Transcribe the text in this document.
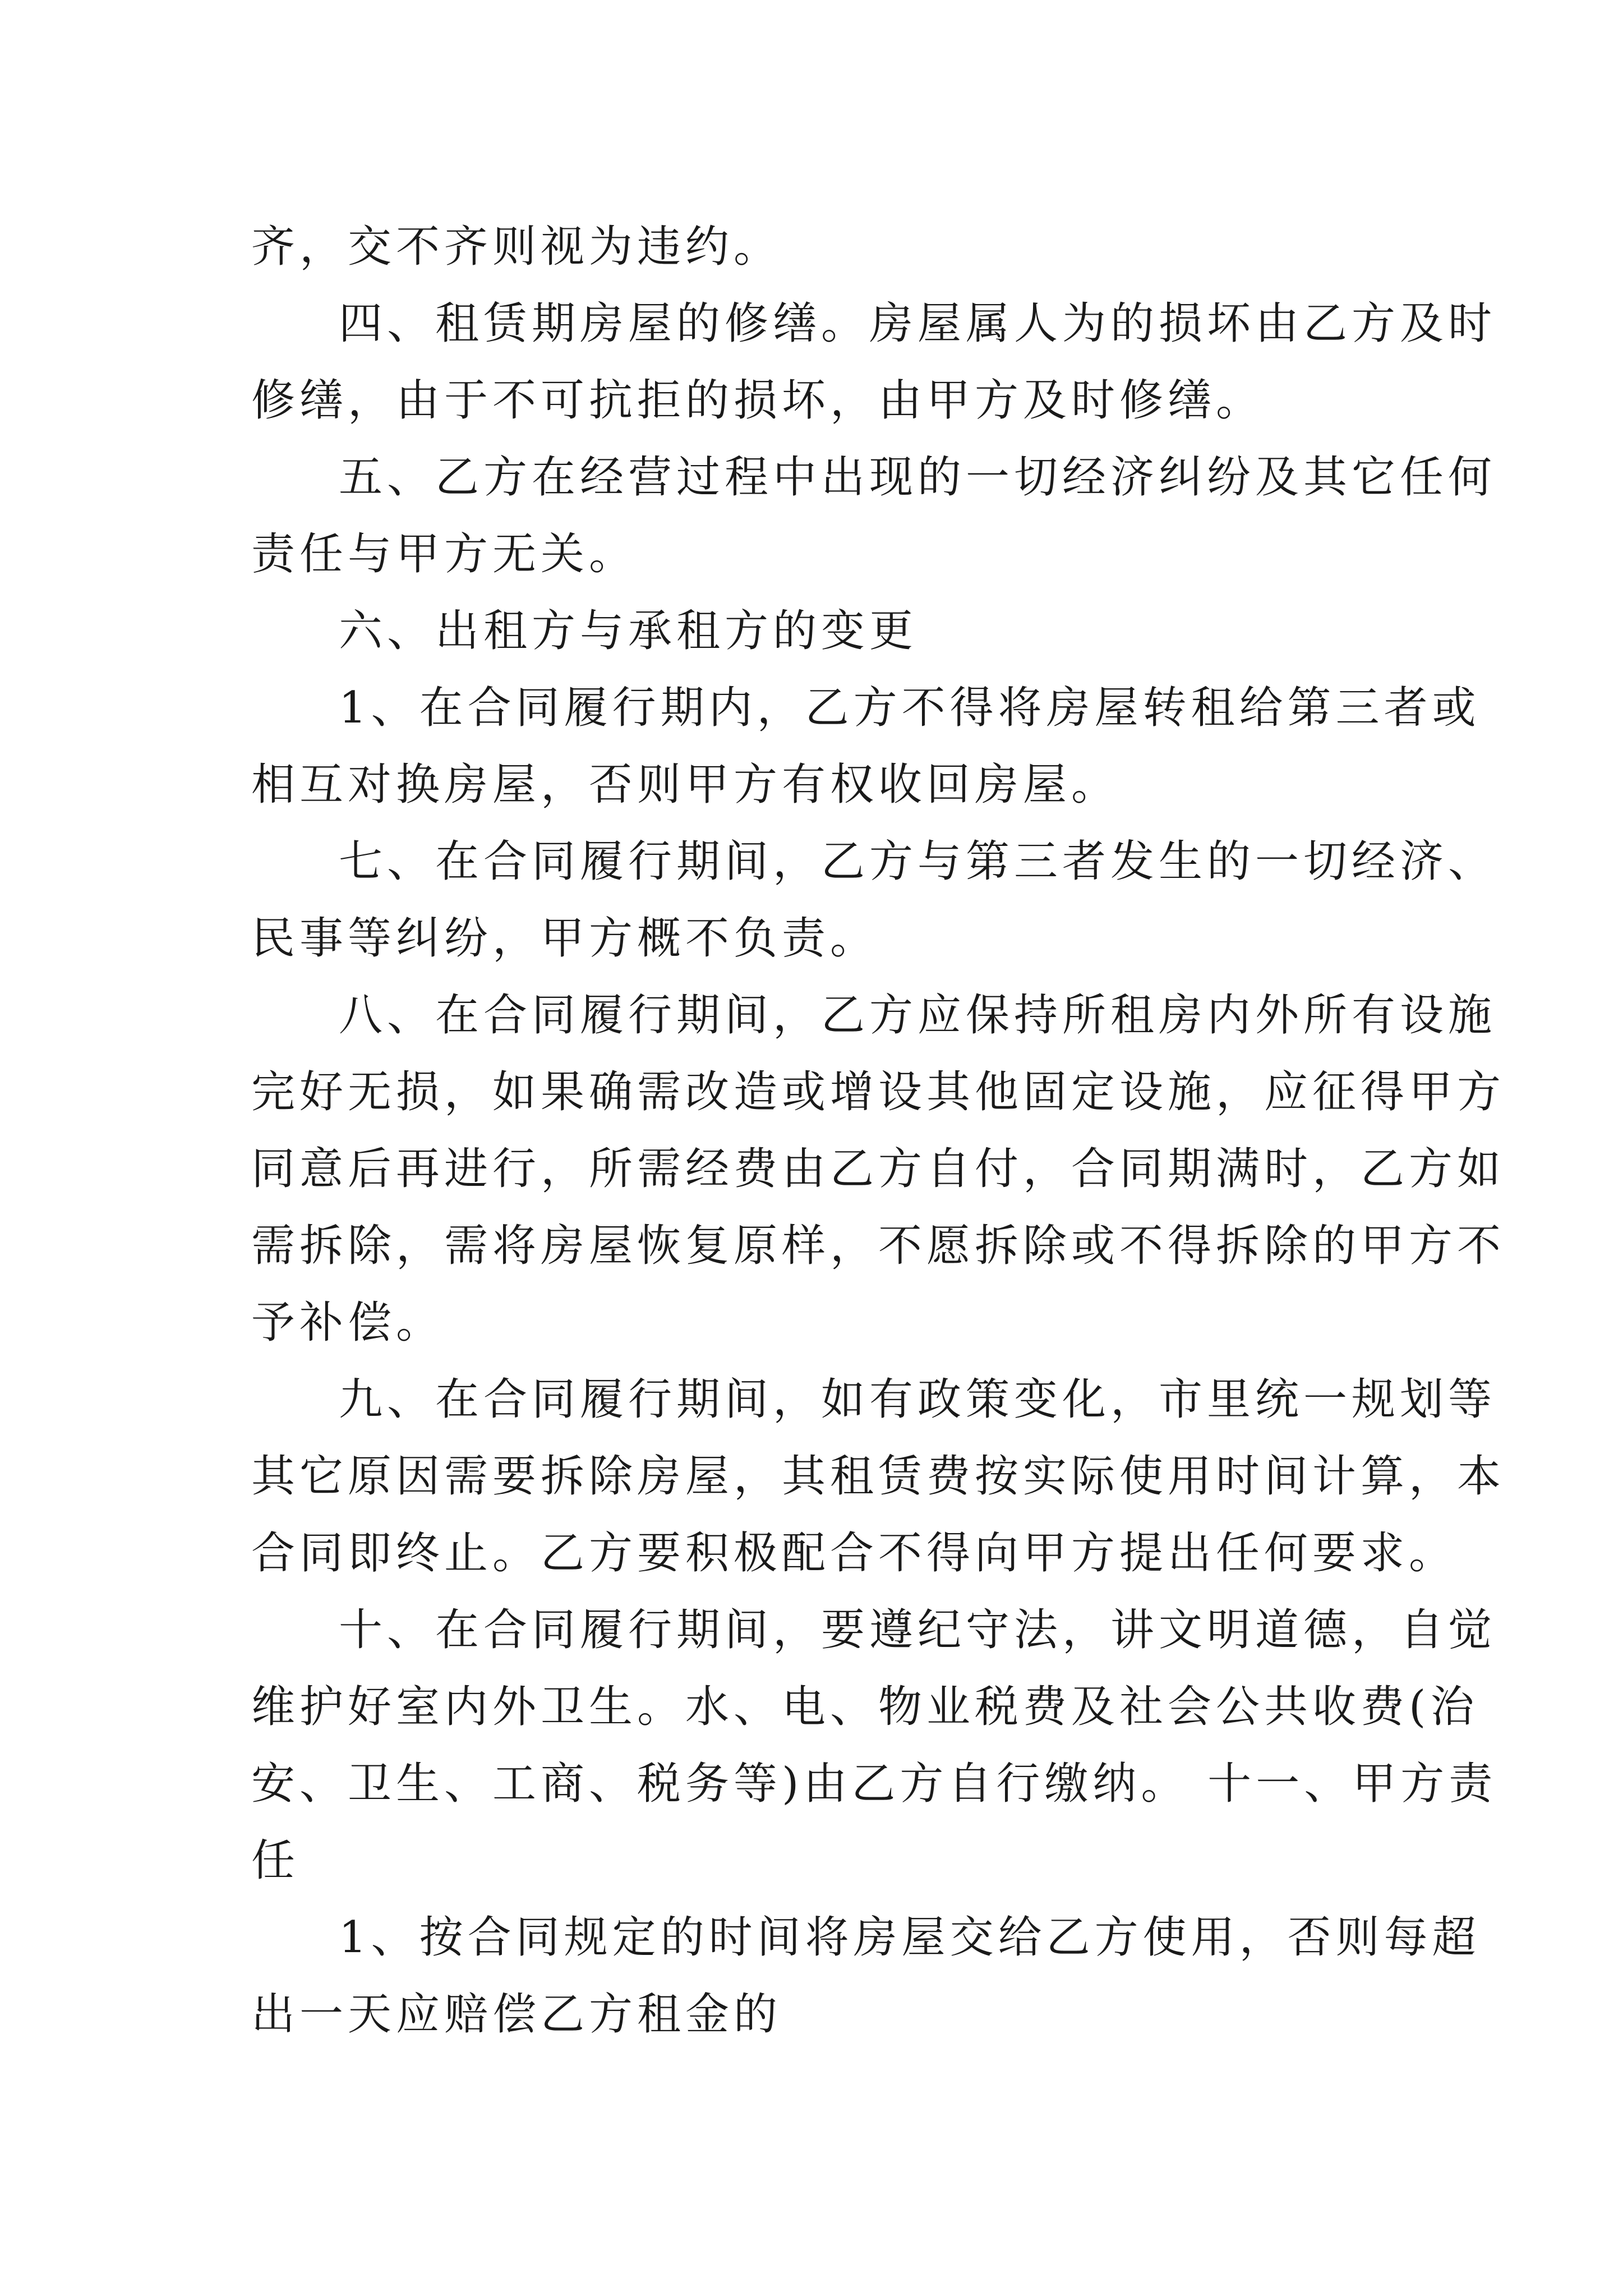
齐，交不齐则视为违约。
四、租赁期房屋的修缮。房屋属人为的损坏由乙方及时
修缮，由于不可抗拒的损坏，由甲方及时修缮。
五、乙方在经营过程中出现的一切经济纠纷及其它任何
责任与甲方无关。
六、出租方与承租方的变更
1、在合同履行期内，乙方不得将房屋转租给第三者或
相互对换房屋，否则甲方有权收回房屋。
七、在合同履行期间，乙方与第三者发生的一切经济、
民事等纠纷，甲方概不负责。
八、在合同履行期间，乙方应保持所租房内外所有设施
完好无损，如果确需改造或增设其他固定设施，应征得甲方
同意后再进行，所需经费由乙方自付，合同期满时，乙方如
需拆除，需将房屋恢复原样，不愿拆除或不得拆除的甲方不
予补偿。
九、在合同履行期间，如有政策变化，市里统一规划等
其它原因需要拆除房屋，其租赁费按实际使用时间计算，本
合同即终止。乙方要积极配合不得向甲方提出任何要求。
十、在合同履行期间，要遵纪守法，讲文明道德，自觉
维护好室内外卫生。水、电、物业税费及社会公共收费(治
安、卫生、工商、税务等)由乙方自行缴纳。 十一、甲方责
任
1、按合同规定的时间将房屋交给乙方使用，否则每超
出一天应赔偿乙方租金的
